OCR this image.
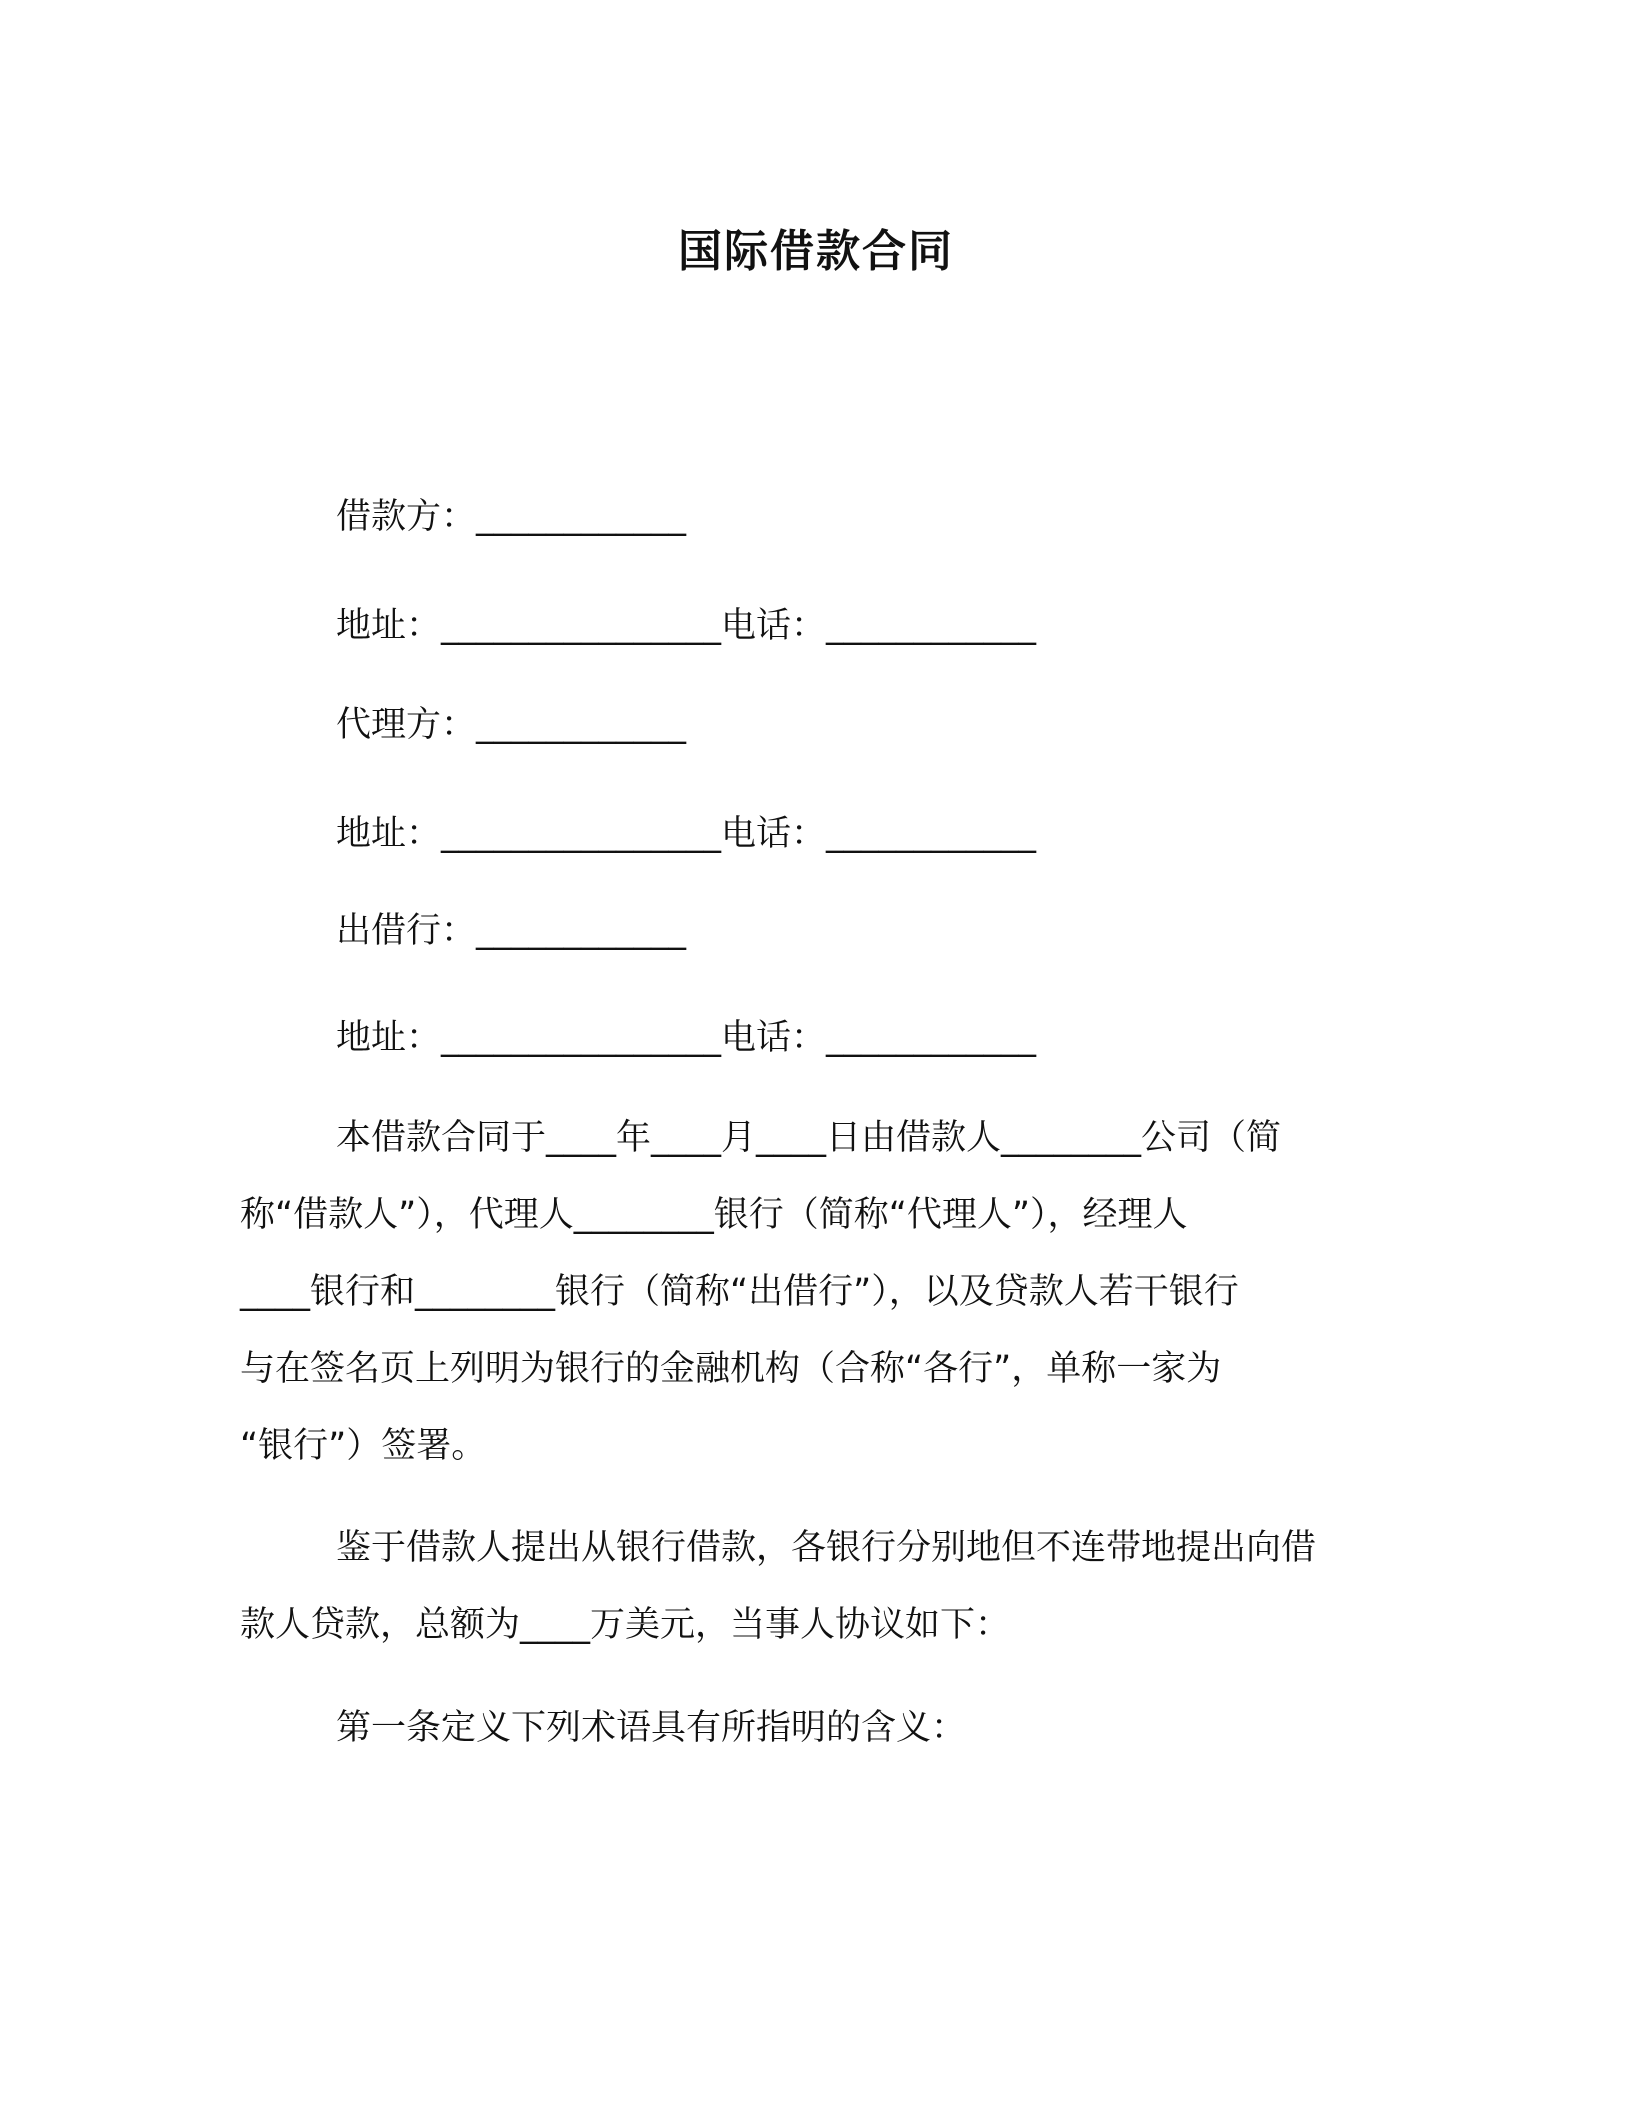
国际借款合同
借款方：____________
地址：________________电话：____________
代理方：____________
地址：________________电话：____________
出借行：____________
地址：________________电话：____________
本借款合同于____年____月____日由借款人________公司（简
称“借款人”），代理人________银行（简称“代理人”），经理人
____银行和________银行（简称“出借行”），以及贷款人若干银行
与在签名页上列明为银行的金融机构（合称“各行”，单称一家为
“银行”）签署。
鉴于借款人提出从银行借款，各银行分别地但不连带地提出向借
款人贷款，总额为____万美元，当事人协议如下：
第一条定义下列术语具有所指明的含义：
